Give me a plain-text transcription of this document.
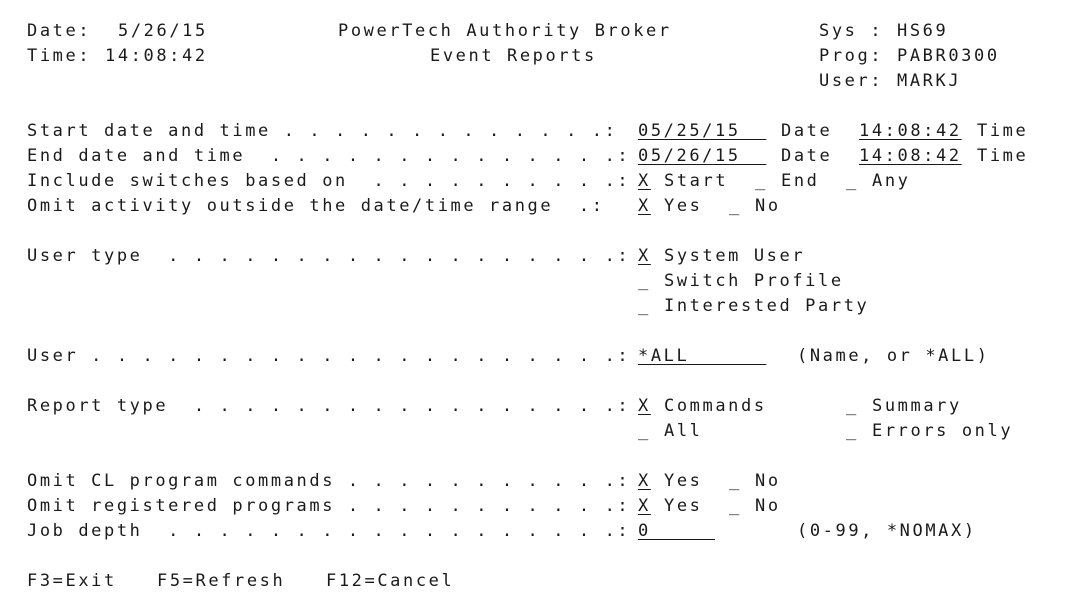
Date: 5/26/15
Time: 14:08:42
PowerTech Authority Broker
Event Reports
Sys : HS69
Prog: PABR0300
User: MARKJ
Start date and time . . . . . . . . . . . . .: 05/25/15 Date 14:08:42 Time
End date and time  . . . . . . . . . . . . . .: 05/26/15 Date 14:08:42 Time
Include switches based on  . . . . . . . . . .: X Start _ End _ Any
Omit activity outside the date/time range  .: X Yes _ No
User type  . . . . . . . . . . . . . . . . . .: X System User
_ Switch Profile
_ Interested Party
User . . . . . . . . . . . . . . . . . . . . .: *ALL (Name, or *ALL)
Report type  . . . . . . . . . . . . . . . . .: X Commands	_ Summary
_ All	_ Errors only
Omit CL program commands . . . . . . . . . . .: X Yes _ No
Omit registered programs . . . . . . . . . . .: X Yes _ No
Job depth  . . . . . . . . . . . . . . . . . .: 0	(0-99, *NOMAX)
F3=Exit F5=Refresh F12=Cancel
